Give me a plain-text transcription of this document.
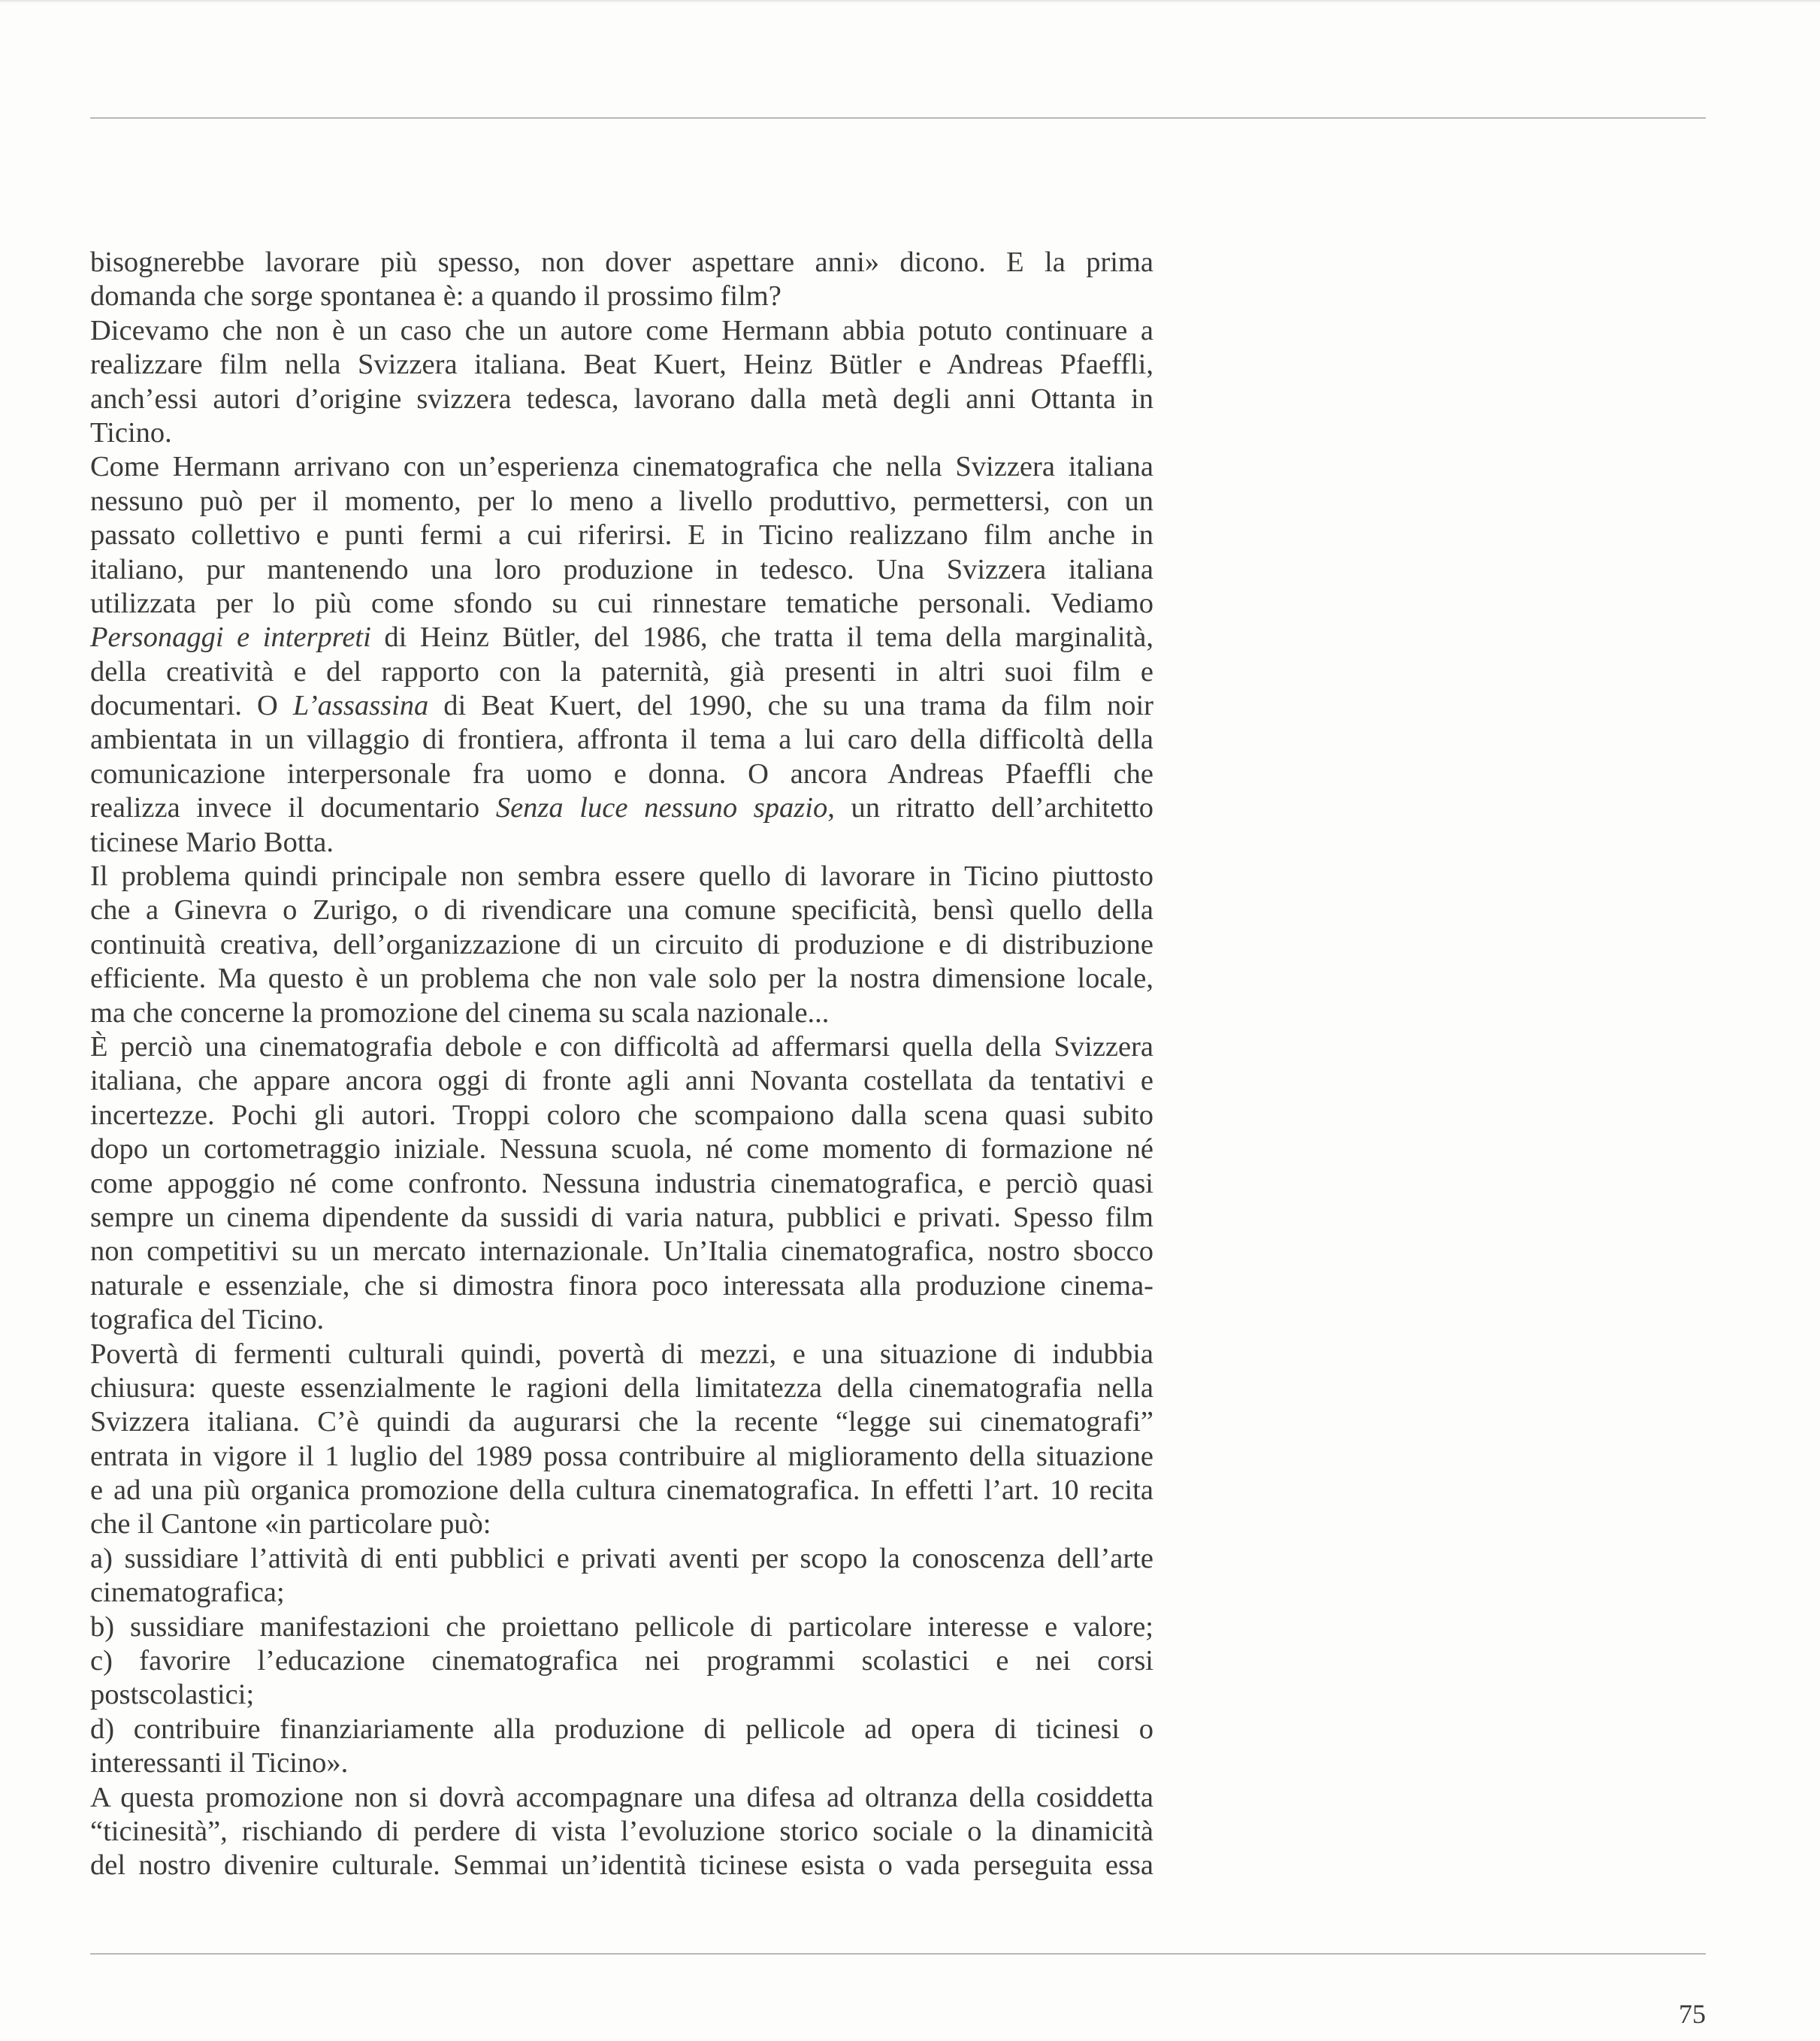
bisognerebbe lavorare più spesso, non dover aspettare anni» dicono. E la prima
domanda che sorge spontanea è: a quando il prossimo film?
Dicevamo che non è un caso che un autore come Hermann abbia potuto continuare a
realizzare film nella Svizzera italiana. Beat Kuert, Heinz Bütler e Andreas Pfaeffli,
anch’essi autori d’origine svizzera tedesca, lavorano dalla metà degli anni Ottanta in
Ticino.
Come Hermann arrivano con un’esperienza cinematografica che nella Svizzera italiana
nessuno può per il momento, per lo meno a livello produttivo, permettersi, con un
passato collettivo e punti fermi a cui riferirsi. E in Ticino realizzano film anche in
italiano, pur mantenendo una loro produzione in tedesco. Una Svizzera italiana
utilizzata per lo più come sfondo su cui rinnestare tematiche personali. Vediamo
Personaggi e interpreti di Heinz Bütler, del 1986, che tratta il tema della marginalità,
della creatività e del rapporto con la paternità, già presenti in altri suoi film e
documentari. O L’assassina di Beat Kuert, del 1990, che su una trama da film noir
ambientata in un villaggio di frontiera, affronta il tema a lui caro della difficoltà della
comunicazione interpersonale fra uomo e donna. O ancora Andreas Pfaeffli che
realizza invece il documentario Senza luce nessuno spazio, un ritratto dell’architetto
ticinese Mario Botta.
Il problema quindi principale non sembra essere quello di lavorare in Ticino piuttosto
che a Ginevra o Zurigo, o di rivendicare una comune specificità, bensì quello della
continuità creativa, dell’organizzazione di un circuito di produzione e di distribuzione
efficiente. Ma questo è un problema che non vale solo per la nostra dimensione locale,
ma che concerne la promozione del cinema su scala nazionale...
È perciò una cinematografia debole e con difficoltà ad affermarsi quella della Svizzera
italiana, che appare ancora oggi di fronte agli anni Novanta costellata da tentativi e
incertezze. Pochi gli autori. Troppi coloro che scompaiono dalla scena quasi subito
dopo un cortometraggio iniziale. Nessuna scuola, né come momento di formazione né
come appoggio né come confronto. Nessuna industria cinematografica, e perciò quasi
sempre un cinema dipendente da sussidi di varia natura, pubblici e privati. Spesso film
non competitivi su un mercato internazionale. Un’Italia cinematografica, nostro sbocco
naturale e essenziale, che si dimostra finora poco interessata alla produzione cinema-
tografica del Ticino.
Povertà di fermenti culturali quindi, povertà di mezzi, e una situazione di indubbia
chiusura: queste essenzialmente le ragioni della limitatezza della cinematografia nella
Svizzera italiana. C’è quindi da augurarsi che la recente “legge sui cinematografi”
entrata in vigore il 1 luglio del 1989 possa contribuire al miglioramento della situazione
e ad una più organica promozione della cultura cinematografica. In effetti l’art. 10 recita
che il Cantone «in particolare può:
a) sussidiare l’attività di enti pubblici e privati aventi per scopo la conoscenza dell’arte
cinematografica;
b) sussidiare manifestazioni che proiettano pellicole di particolare interesse e valore;
c) favorire l’educazione cinematografica nei programmi scolastici e nei corsi
postscolastici;
d) contribuire finanziariamente alla produzione di pellicole ad opera di ticinesi o
interessanti il Ticino».
A questa promozione non si dovrà accompagnare una difesa ad oltranza della cosiddetta
“ticinesità”, rischiando di perdere di vista l’evoluzione storico sociale o la dinamicità
del nostro divenire culturale. Semmai un’identità ticinese esista o vada perseguita essa
75
